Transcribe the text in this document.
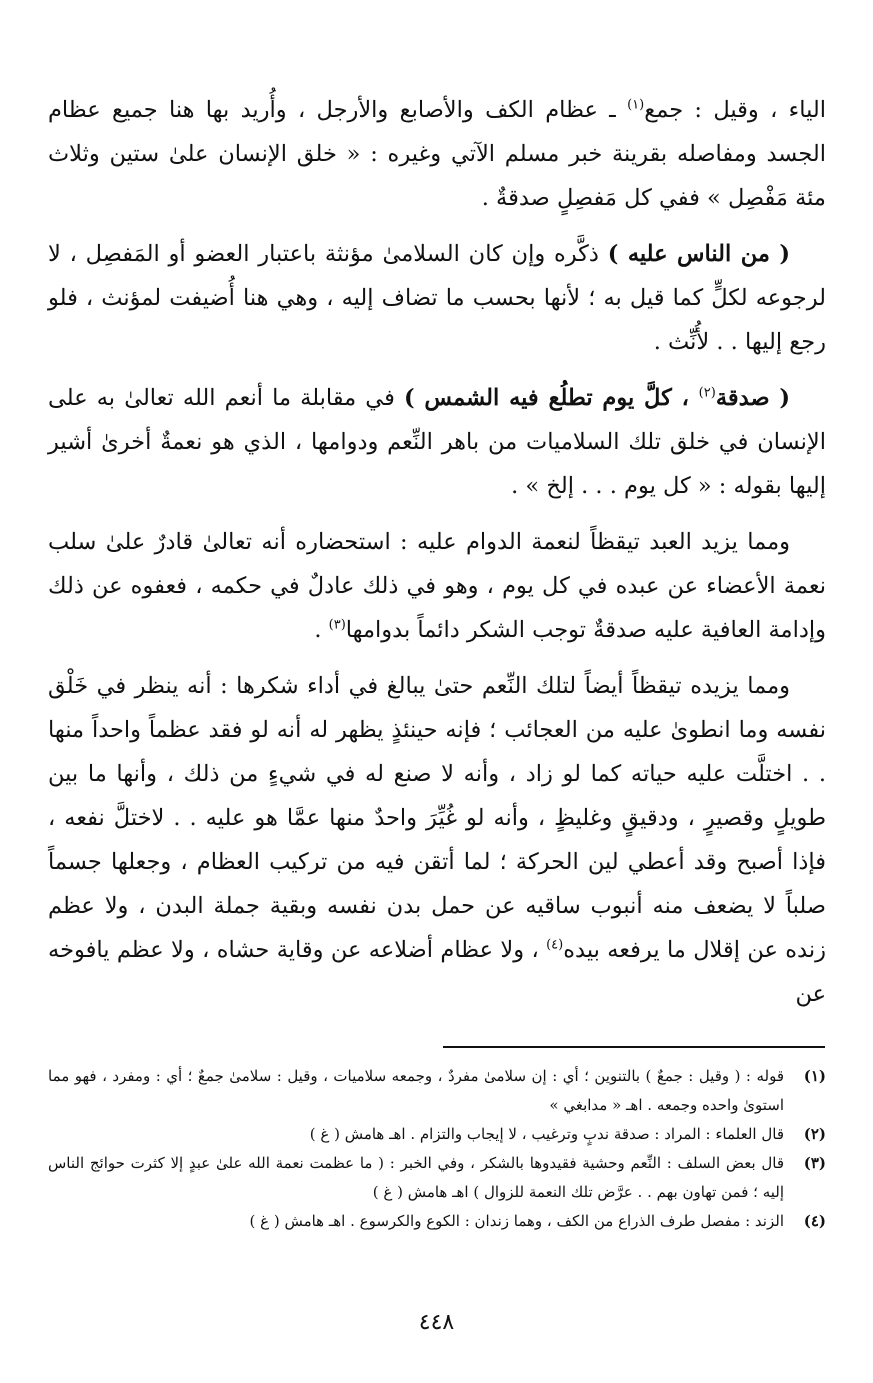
الياء ، وقيل : جمع$^{(١)}$ ـ عظام الكف والأصابع والأرجل ، وأُريد بها هنا جميع عظام الجسد ومفاصله بقرينة خبر مسلم الآتي وغيره : « خلق الإنسان علىٰ ستين وثلاث مئة مَفْصِل » ففي كل مَفصِلٍ صدقةٌ .

( من الناس عليه ) ذكَّره وإن كان السلامىٰ مؤنثة باعتبار العضو أو المَفصِل ، لا لرجوعه لكلٍّ كما قيل به ؛ لأنها بحسب ما تضاف إليه ، وهي هنا أُضيفت لمؤنث ، فلو رجع إليها . . لأُنِّث .

( صدقة$^{(٢)}$ ، كلَّ يوم تطلُع فيه الشمس ) في مقابلة ما أنعم الله تعالىٰ به على الإنسان في خلق تلك السلاميات من باهر النِّعم ودوامها ، الذي هو نعمةٌ أخرىٰ أشير إليها بقوله : « كل يوم . . . إلخ » .

ومما يزيد العبد تيقظاً لنعمة الدوام عليه : استحضاره أنه تعالىٰ قادرٌ علىٰ سلب نعمة الأعضاء عن عبده في كل يوم ، وهو في ذلك عادلٌ في حكمه ، فعفوه عن ذلك وإدامة العافية عليه صدقةٌ توجب الشكر دائماً بدوامها$^{(٣)}$ .

ومما يزيده تيقظاً أيضاً لتلك النِّعم حتىٰ يبالغ في أداء شكرها : أنه ينظر في خَلْق نفسه وما انطوىٰ عليه من العجائب ؛ فإنه حينئذٍ يظهر له أنه لو فقد عظماً واحداً منها . . اختلَّت عليه حياته كما لو زاد ، وأنه لا صنع له في شيءٍ من ذلك ، وأنها ما بين طويلٍ وقصيرٍ ، ودقيقٍ وغليظٍ ، وأنه لو غُيِّرَ واحدٌ منها عمَّا هو عليه . . لاختلَّ نفعه ، فإذا أصبح وقد أعطي لين الحركة ؛ لما أتقن فيه من تركيب العظام ، وجعلها جسماً صلباً لا يضعف منه أنبوب ساقيه عن حمل بدن نفسه وبقية جملة البدن ، ولا عظم زنده عن إقلال ما يرفعه بيده$^{(٤)}$ ، ولا عظام أضلاعه عن وقاية حشاه ، ولا عظم يافوخه عن

(١)
قوله : ( وقيل : جمعٌ ) بالتنوين ؛ أي : إن سلامىٰ مفردٌ ، وجمعه سلاميات ، وقيل : سلامىٰ جمعٌ ؛ أي : ومفرد ، فهو مما استوىٰ واحده وجمعه . اهـ « مدابغي »
(٢)
قال العلماء : المراد : صدقة ندبٍ وترغيب ، لا إيجاب والتزام . اهـ هامش ( غ )
(٣)
قال بعض السلف : النِّعم وحشية فقيدوها بالشكر ، وفي الخبر : ( ما عظمت نعمة الله علىٰ عبدٍ إلا كثرت حوائج الناس إليه ؛ فمن تهاون بهم . . عرَّض تلك النعمة للزوال ) اهـ هامش ( غ )
(٤)
الزند : مفصل طرف الذراع من الكف ، وهما زندان : الكوع والكرسوع . اهـ هامش ( غ )
٤٤٨
